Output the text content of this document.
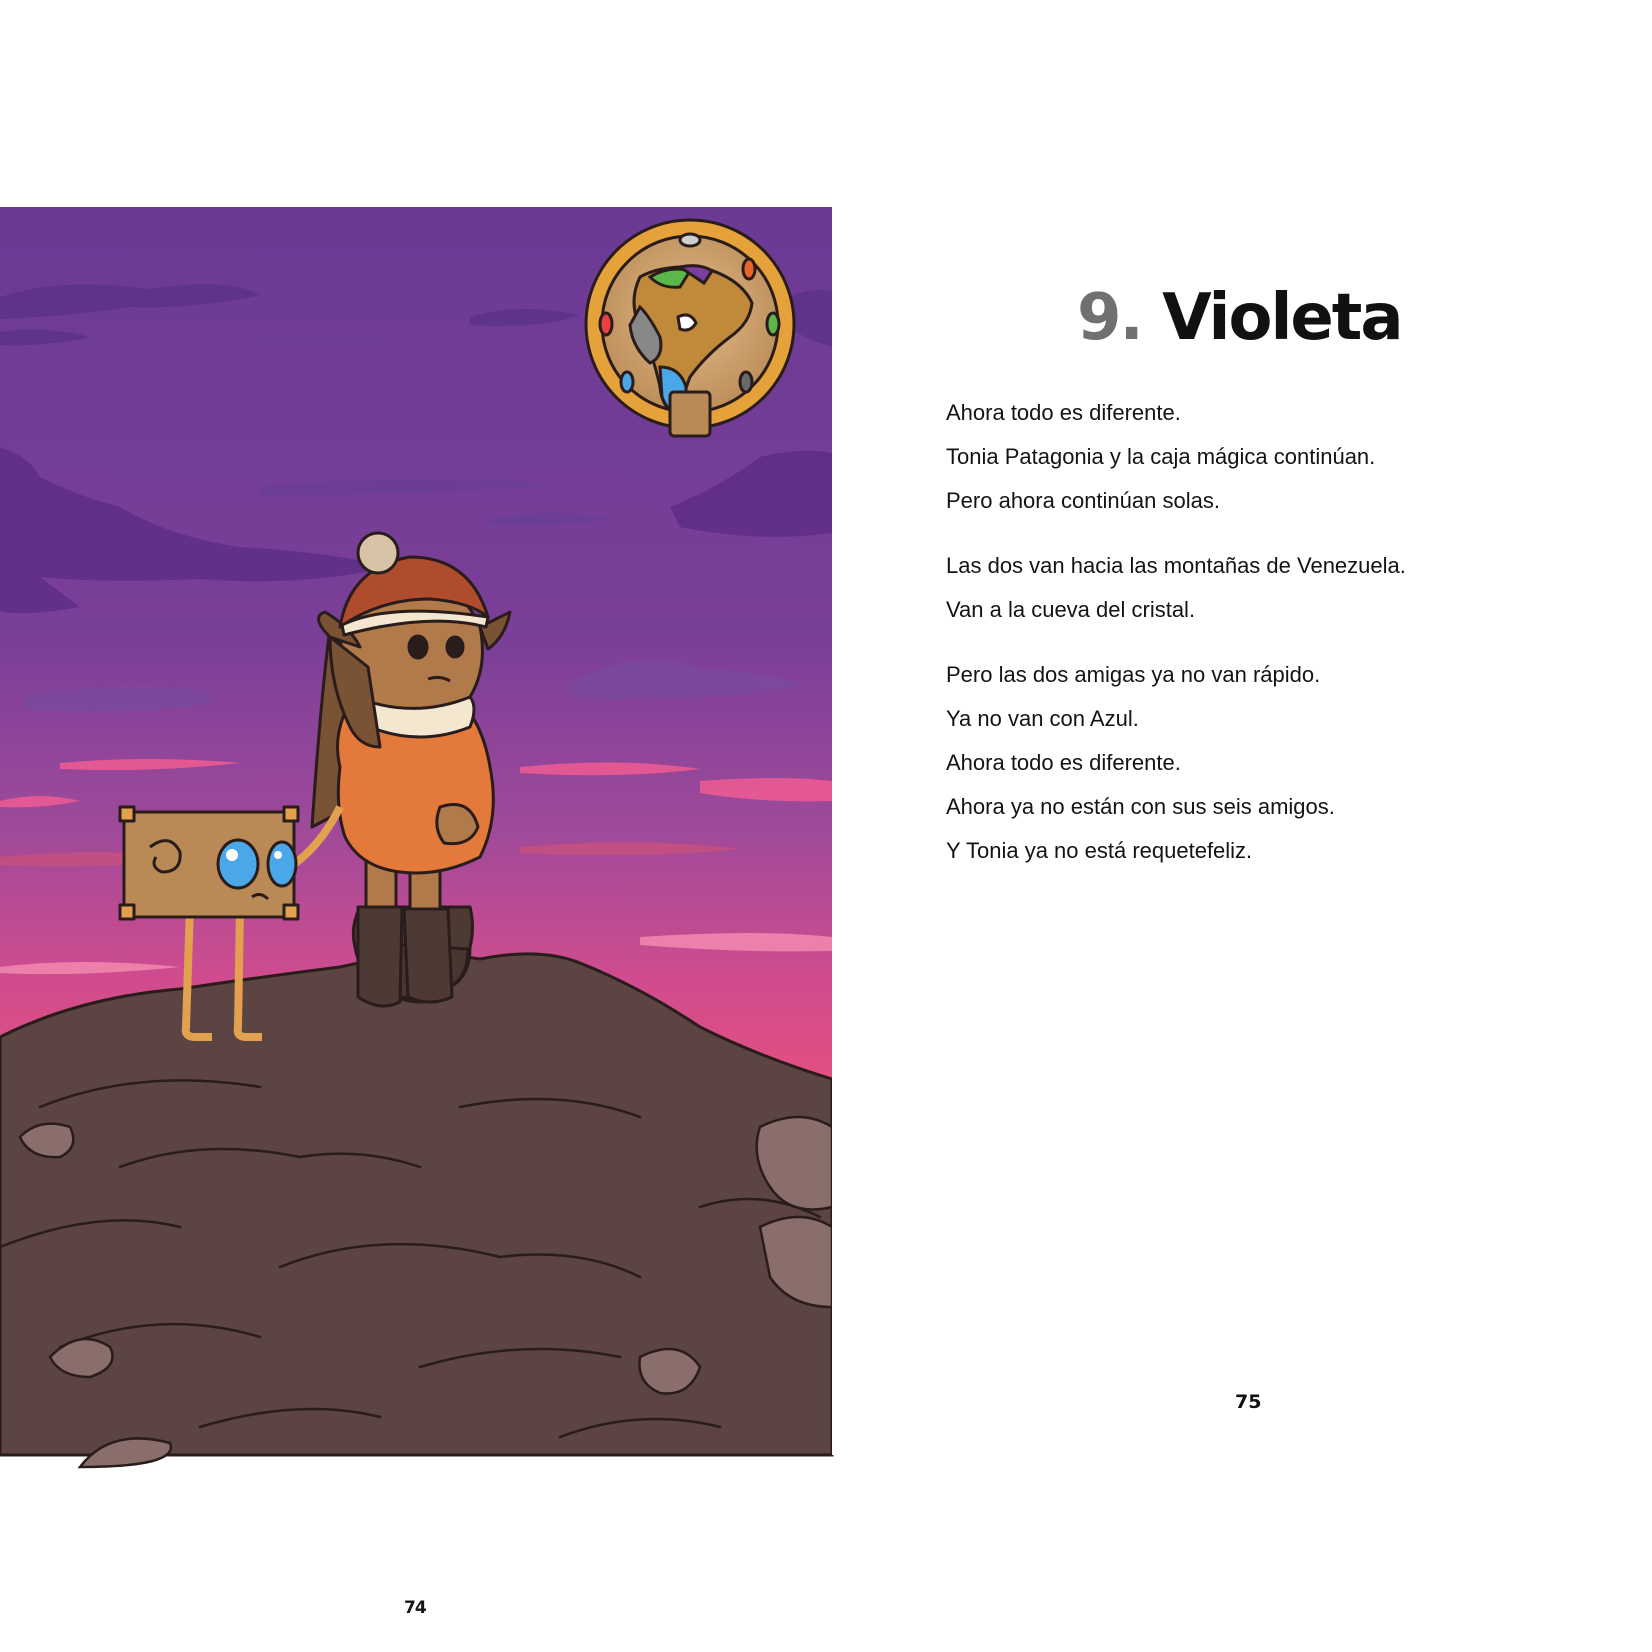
74
9. Violeta

Ahora todo es diferente.
Tonia Patagonia y la caja mágica continúan.
Pero ahora continúan solas.

Las dos van hacia las montañas de Venezuela.
Van a la cueva del cristal.

Pero las dos amigas ya no van rápido.
Ya no van con Azul.
Ahora todo es diferente.
Ahora ya no están con sus seis amigos.
Y Tonia ya no está requetefeliz.

75
